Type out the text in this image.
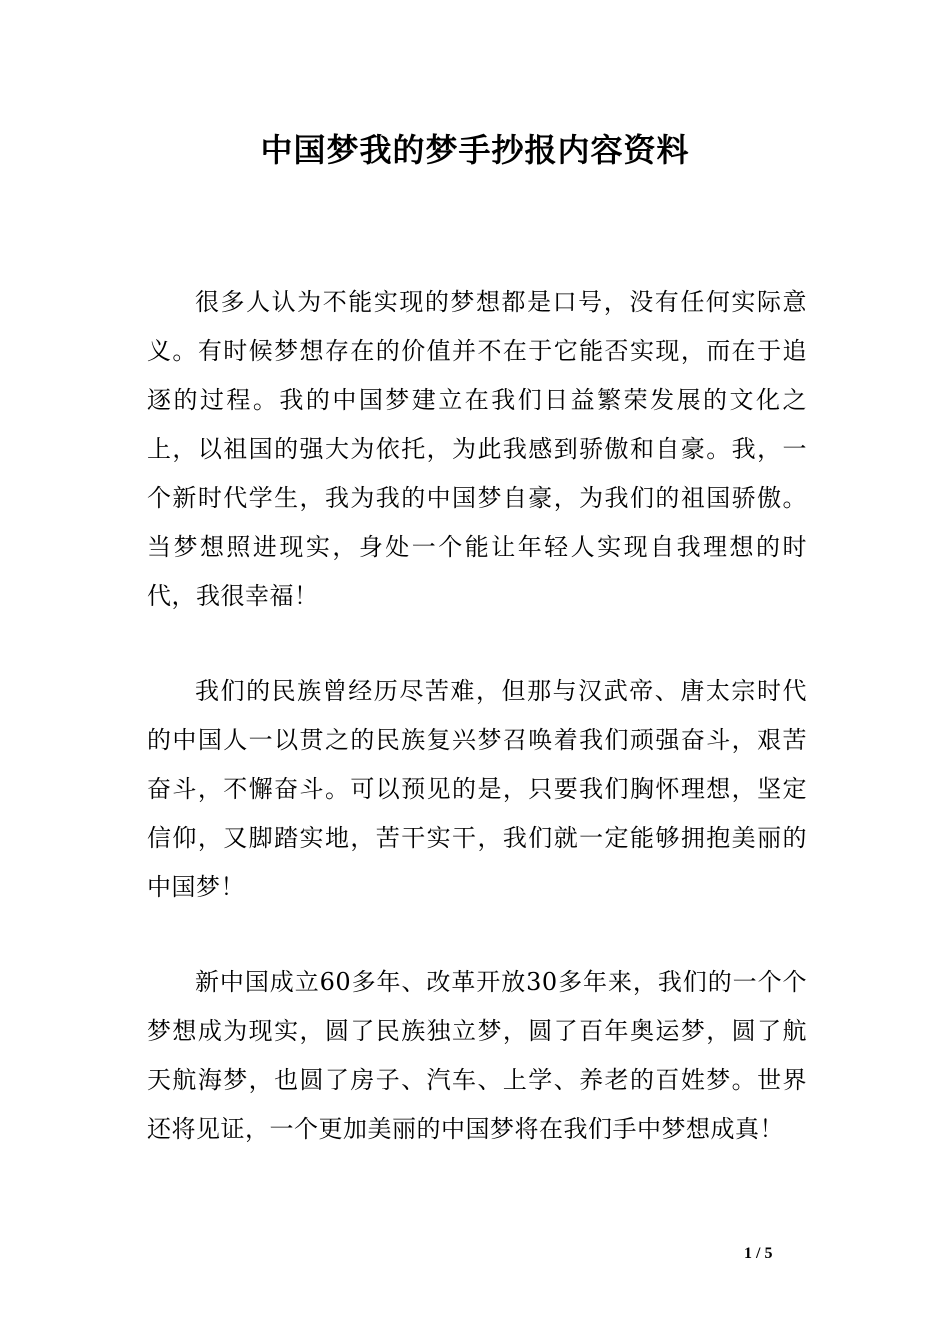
中国梦我的梦手抄报内容资料

很多人认为不能实现的梦想都是口号，没有任何实际意义。有时候梦想存在的价值并不在于它能否实现，而在于追逐的过程。我的中国梦建立在我们日益繁荣发展的文化之上，以祖国的强大为依托，为此我感到骄傲和自豪。我，一个新时代学生，我为我的中国梦自豪，为我们的祖国骄傲。当梦想照进现实，身处一个能让年轻人实现自我理想的时代，我很幸福！

我们的民族曾经历尽苦难，但那与汉武帝、唐太宗时代的中国人一以贯之的民族复兴梦召唤着我们顽强奋斗，艰苦奋斗，不懈奋斗。可以预见的是，只要我们胸怀理想，坚定信仰，又脚踏实地，苦干实干，我们就一定能够拥抱美丽的中国梦！

新中国成立60多年、改革开放30多年来，我们的一个个梦想成为现实，圆了民族独立梦，圆了百年奥运梦，圆了航天航海梦，也圆了房子、汽车、上学、养老的百姓梦。世界还将见证，一个更加美丽的中国梦将在我们手中梦想成真！

1 / 5
